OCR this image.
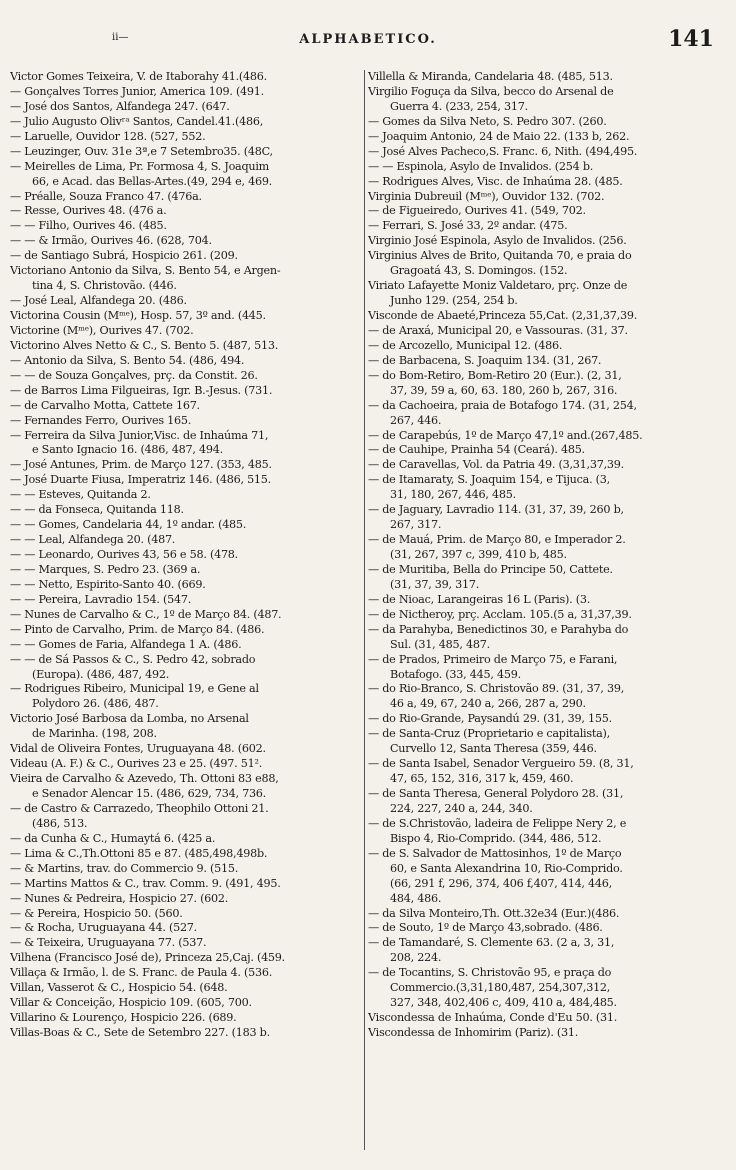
ii—	ALPHABETICO.	141
Victor Gomes Teixeira, V. de Itaborahy 41.(486.
— Gonçalves Torres Junior, America 109. (491.
— José dos Santos, Alfandega 247. (647.
— Julio Augusto Olivʳᵃ Santos, Candel.41.(486,
— Laruelle, Ouvidor 128. (527, 552.
— Leuzinger, Ouv. 31e 3ª,e 7 Setembro35. (48C,
— Meirelles de Lima, Pr. Formosa 4, S. Joaquim
66, e Acad. das Bellas-Artes.(49, 294 e, 469.
— Préalle, Souza Franco 47. (476a.
— Resse, Ourives 48. (476 a.
— — Filho, Ourives 46. (485.
— — & Irmão, Ourives 46. (628, 704.
— de Santiago Subrá, Hospicio 261. (209.
Victoriano Antonio da Silva, S. Bento 54, e Argen-
tina 4, S. Christovão. (446.
— José Leal, Alfandega 20. (486.
Victorina Cousin (Mᵐᵉ), Hosp. 57, 3º and. (445.
Victorine (Mᵐᵉ), Ourives 47. (702.
Victorino Alves Netto & C., S. Bento 5. (487, 513.
— Antonio da Silva, S. Bento 54. (486, 494.
— — de Souza Gonçalves, prç. da Constit. 26.
— de Barros Lima Filgueiras, Igr. B.-Jesus. (731.
— de Carvalho Motta, Cattete 167.
— Fernandes Ferro, Ourives 165.
— Ferreira da Silva Junior,Visc. de Inhaúma 71,
e Santo Ignacio 16. (486, 487, 494.
— José Antunes, Prim. de Março 127. (353, 485.
— José Duarte Fiusa, Imperatriz 146. (486, 515.
— — Esteves, Quitanda 2.
— — da Fonseca, Quitanda 118.
— — Gomes, Candelaria 44, 1º andar. (485.
— — Leal, Alfandega 20. (487.
— — Leonardo, Ourives 43, 56 e 58. (478.
— — Marques, S. Pedro 23. (369 a.
— — Netto, Espirito-Santo 40. (669.
— — Pereira, Lavradio 154. (547.
— Nunes de Carvalho & C., 1º de Março 84. (487.
— Pinto de Carvalho, Prim. de Março 84. (486.
— — Gomes de Faria, Alfandega 1 A. (486.
— — de Sá Passos & C., S. Pedro 42, sobrado
(Europa). (486, 487, 492.
— Rodrigues Ribeiro, Municipal 19, e Gene al
Polydoro 26. (486, 487.
Victorio José Barbosa da Lomba, no Arsenal
de Marinha. (198, 208.
Vidal de Oliveira Fontes, Uruguayana 48. (602.
Videau (A. F.) & C., Ourives 23 e 25. (497. 51².
Vieira de Carvalho & Azevedo, Th. Ottoni 83 e88,
e Senador Alencar 15. (486, 629, 734, 736.
— de Castro & Carrazedo, Theophilo Ottoni 21.
(486, 513.
— da Cunha & C., Humaytá 6. (425 a.
— Lima & C.,Th.Ottoni 85 e 87. (485,498,498b.
— & Martins, trav. do Commercio 9. (515.
— Martins Mattos & C., trav. Comm. 9. (491, 495.
— Nunes & Pedreira, Hospicio 27. (602.
— & Pereira, Hospicio 50. (560.
— & Rocha, Uruguayana 44. (527.
— & Teixeira, Uruguayana 77. (537.
Vilhena (Francisco José de), Princeza 25,Caj. (459.
Villaça & Irmão, l. de S. Franc. de Paula 4. (536.
Villan, Vasserot & C., Hospicio 54. (648.
Villar & Conceição, Hospicio 109. (605, 700.
Villarino & Lourenço, Hospicio 226. (689.
Villas-Boas & C., Sete de Setembro 227. (183 b.
Villella & Miranda, Candelaria 48. (485, 513.
Virgilio Foguça da Silva, becco do Arsenal de
Guerra 4. (233, 254, 317.
— Gomes da Silva Neto, S. Pedro 307. (260.
— Joaquim Antonio, 24 de Maio 22. (133 b, 262.
— José Alves Pacheco,S. Franc. 6, Nith. (494,495.
— — Espinola, Asylo de Invalidos. (254 b.
— Rodrigues Alves, Visc. de Inhaúma 28. (485.
Virginia Dubreuil (Mᵐᵉ), Ouvidor 132. (702.
— de Figueiredo, Ourives 41. (549, 702.
— Ferrari, S. José 33, 2º andar. (475.
Virginio José Espinola, Asylo de Invalidos. (256.
Virginius Alves de Brito, Quitanda 70, e praia do
Gragoatá 43, S. Domingos. (152.
Viriato Lafayette Moniz Valdetaro, prç. Onze de
Junho 129. (254, 254 b.
Visconde de Abaeté,Princeza 55,Cat. (2,31,37,39.
— de Araxá, Municipal 20, e Vassouras. (31, 37.
— de Arcozello, Municipal 12. (486.
— de Barbacena, S. Joaquim 134. (31, 267.
— do Bom-Retiro, Bom-Retiro 20 (Eur.). (2, 31,
37, 39, 59 a, 60, 63. 180, 260 b, 267, 316.
— da Cachoeira, praia de Botafogo 174. (31, 254,
267, 446.
— de Carapebús, 1º de Março 47,1º and.(267,485.
— de Cauhipe, Prainha 54 (Ceará). 485.
— de Caravellas, Vol. da Patria 49. (3,31,37,39.
— de Itamaraty, S. Joaquim 154, e Tijuca. (3,
31, 180, 267, 446, 485.
— de Jaguary, Lavradio 114. (31, 37, 39, 260 b,
267, 317.
— de Mauá, Prim. de Março 80, e Imperador 2.
(31, 267, 397 c, 399, 410 b, 485.
— de Muritiba, Bella do Principe 50, Cattete.
(31, 37, 39, 317.
— de Nioac, Larangeiras 16 L (Paris). (3.
— de Nictheroy, prç. Acclam. 105.(5 a, 31,37,39.
— da Parahyba, Benedictinos 30, e Parahyba do
Sul. (31, 485, 487.
— de Prados, Primeiro de Março 75, e Farani,
Botafogo. (33, 445, 459.
— do Rio-Branco, S. Christovão 89. (31, 37, 39,
46 a, 49, 67, 240 a, 266, 287 a, 290.
— do Rio-Grande, Paysandú 29. (31, 39, 155.
— de Santa-Cruz (Proprietario e capitalista),
Curvello 12, Santa Theresa (359, 446.
— de Santa Isabel, Senador Vergueiro 59. (8, 31,
47, 65, 152, 316, 317 k, 459, 460.
— de Santa Theresa, General Polydoro 28. (31,
224, 227, 240 a, 244, 340.
— de S.Christovão, ladeira de Felippe Nery 2, e
Bispo 4, Rio-Comprido. (344, 486, 512.
— de S. Salvador de Mattosinhos, 1º de Março
60, e Santa Alexandrina 10, Rio-Comprido.
(66, 291 f, 296, 374, 406 f,407, 414, 446,
484, 486.
— da Silva Monteiro,Th. Ott.32e34 (Eur.)(486.
— de Souto, 1º de Março 43,sobrado. (486.
— de Tamandaré, S. Clemente 63. (2 a, 3, 31,
208, 224.
— de Tocantins, S. Christovão 95, e praça do
Commercio.(3,31,180,487, 254,307,312,
327, 348, 402,406 c, 409, 410 a, 484,485.
Viscondessa de Inhaúma, Conde d'Eu 50. (31.
Viscondessa de Inhomirim (Pariz). (31.
